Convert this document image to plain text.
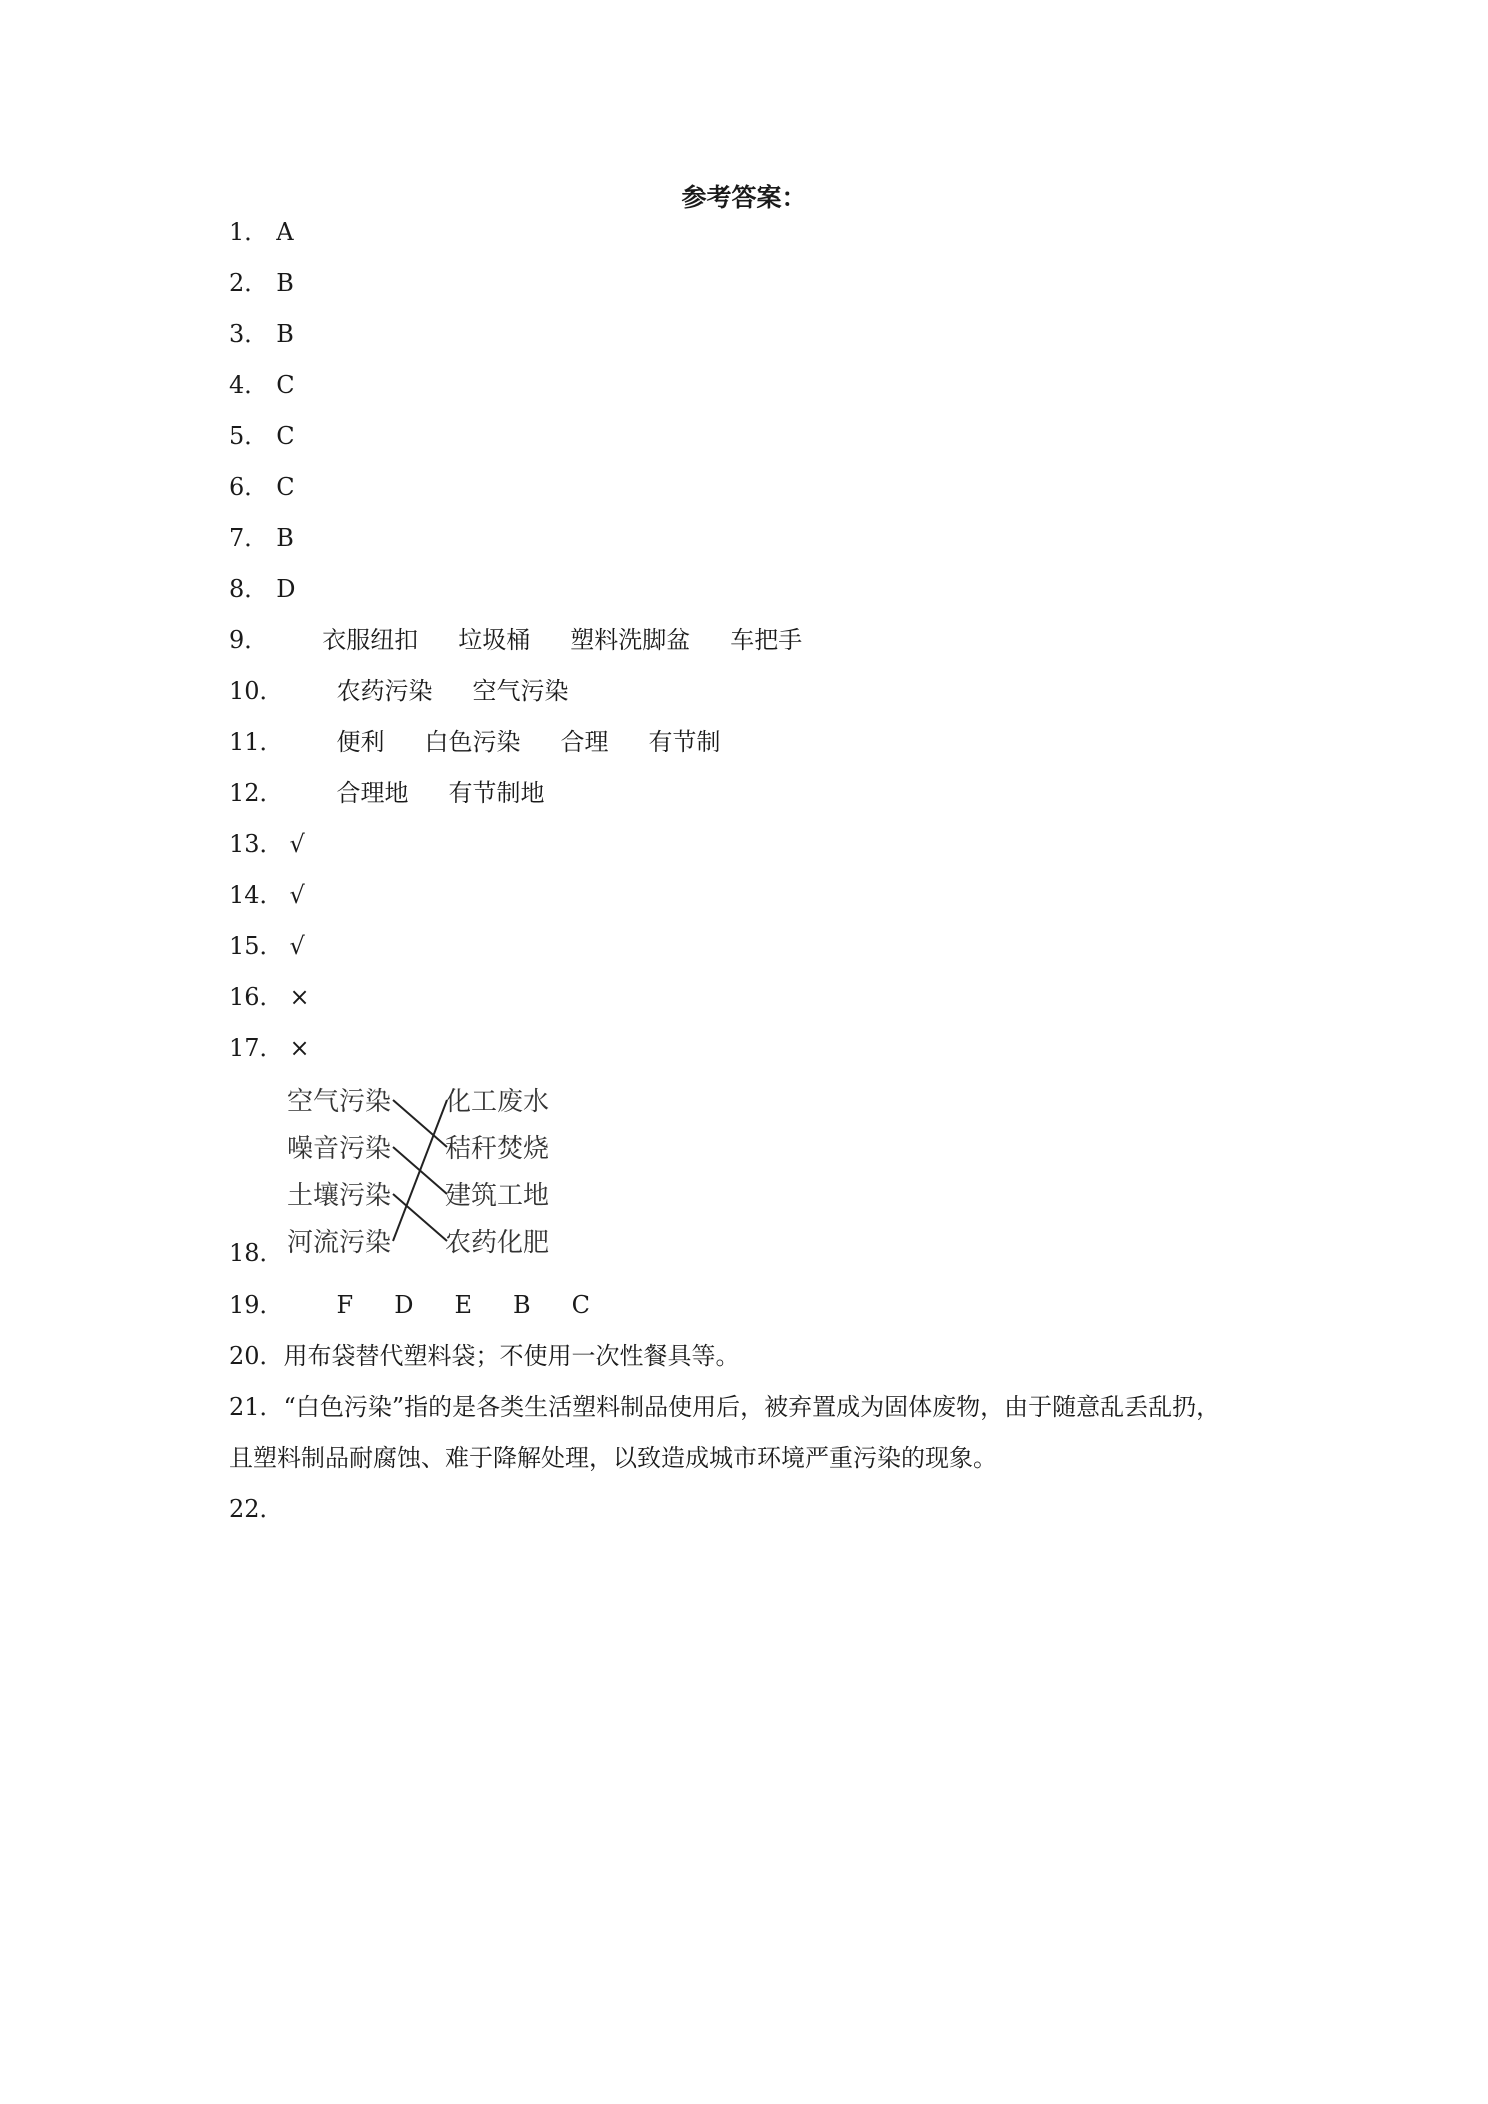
参考答案：
1． A
2． B
3． B
4． C
5． C
6． C
7． B
8． D
9． 衣服纽扣 垃圾桶 塑料洗脚盆 车把手
10． 农药污染 空气污染
11． 便利 白色污染 合理 有节制
12． 合理地 有节制地
13． √
14． √
15． √
16． ×
17． ×
空气污染
噪音污染
土壤污染
河流污染
化工废水
秸秆焚烧
建筑工地
农药化肥
18．
19． F D E B C
20．用布袋替代塑料袋；不使用一次性餐具等。
21．“白色污染”指的是各类生活塑料制品使用后，被弃置成为固体废物，由于随意乱丢乱扔，
且塑料制品耐腐蚀、难于降解处理，以致造成城市环境严重污染的现象。
22．
